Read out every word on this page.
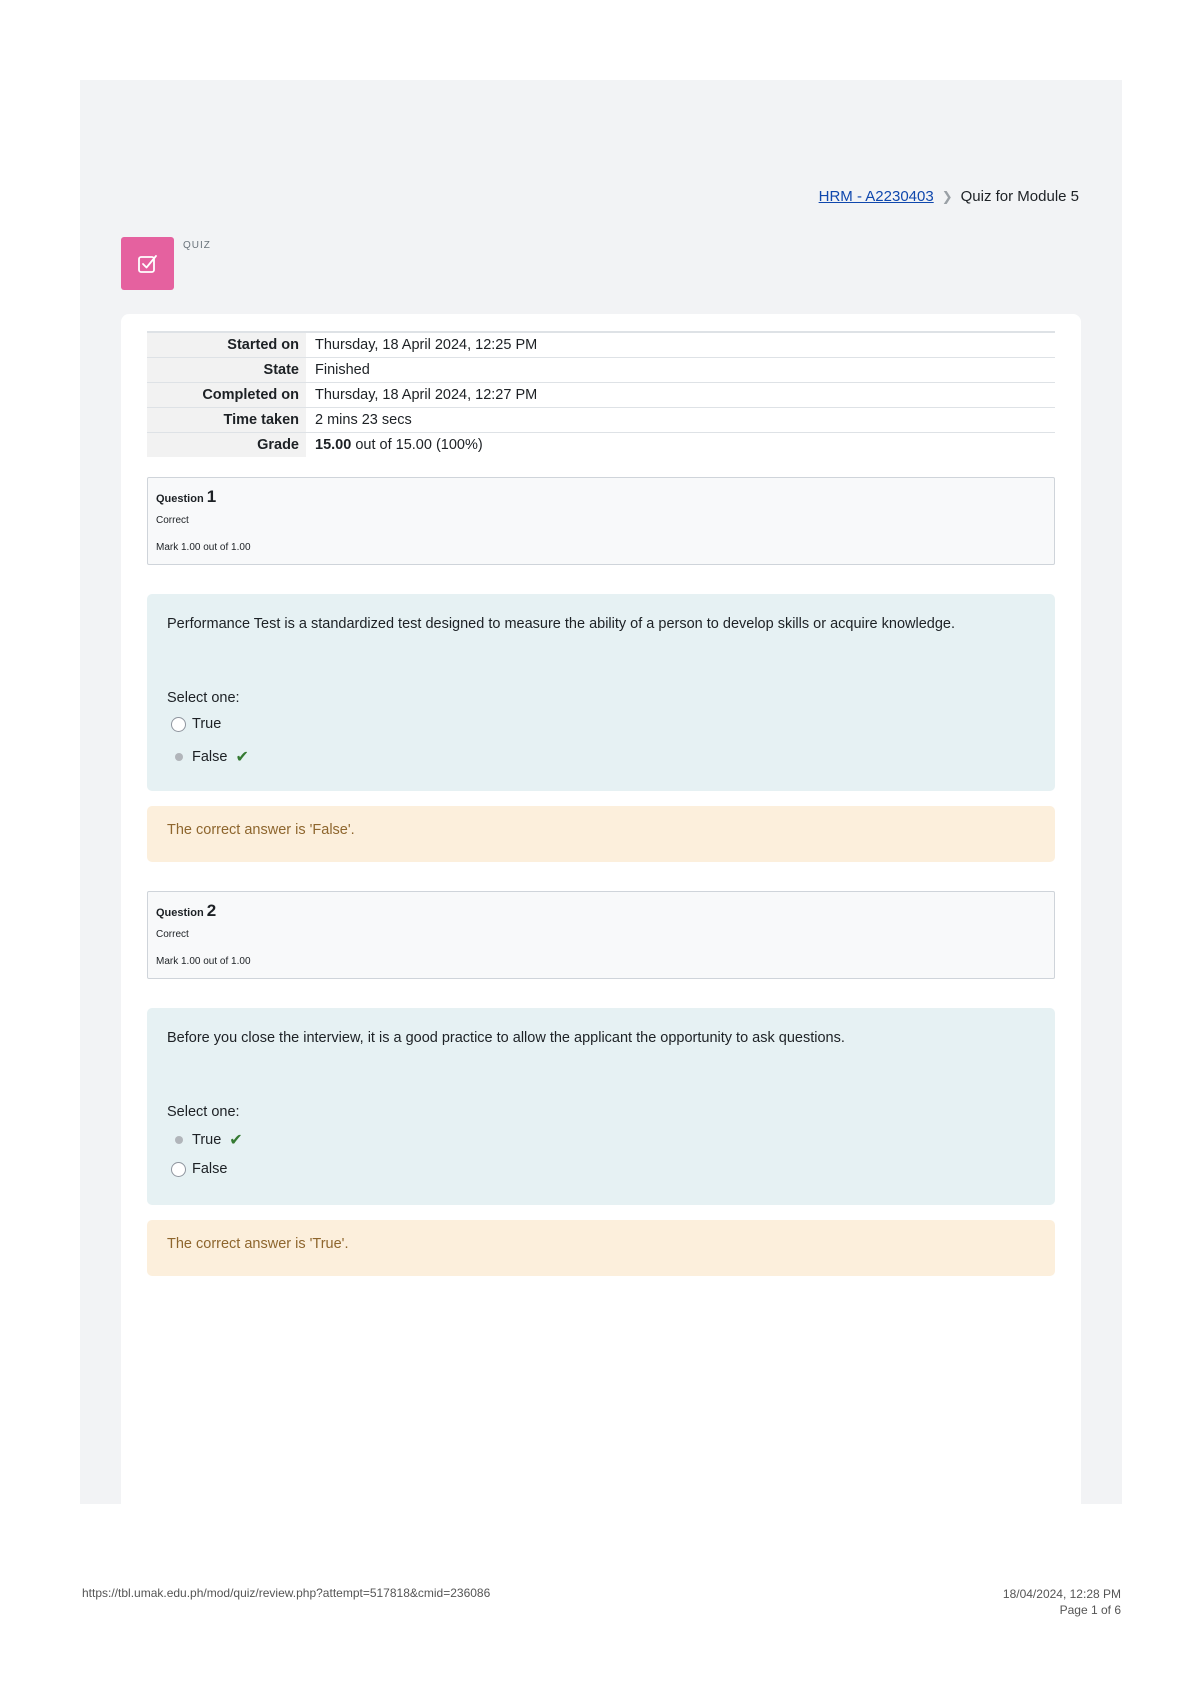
HRM - A2230403 ❯ Quiz for Module 5
QUIZ
Started on	Thursday, 18 April 2024, 12:25 PM
State	Finished
Completed on	Thursday, 18 April 2024, 12:27 PM
Time taken	2 mins 23 secs
Grade	15.00 out of 15.00 (100%)
Question 1
Correct
Mark 1.00 out of 1.00
Performance Test is a standardized test designed to measure the ability of a person to develop skills or acquire knowledge.
Select one:
True
False ✔
The correct answer is 'False'.
Question 2
Correct
Mark 1.00 out of 1.00
Before you close the interview, it is a good practice to allow the applicant the opportunity to ask questions.
Select one:
True ✔
False
The correct answer is 'True'.
https://tbl.umak.edu.ph/mod/quiz/review.php?attempt=517818&cmid=236086	18/04/2024, 12:28 PM
Page 1 of 6
